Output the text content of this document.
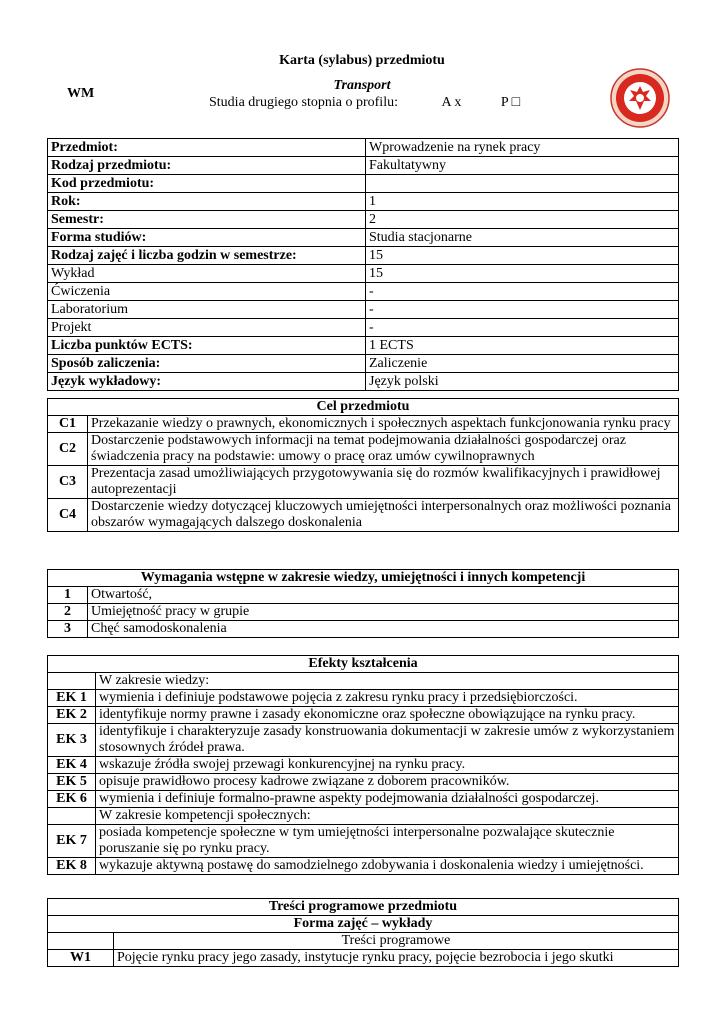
Karta (sylabus) przedmiotu
WM
Transport
Studia drugiego stopnia o profilu:	A x	P □
Przedmiot:	Wprowadzenie na rynek pracy
Rodzaj przedmiotu:	Fakultatywny
Kod przedmiotu:	
Rok:	1
Semestr:	2
Forma studiów:	Studia stacjonarne
Rodzaj zajęć i liczba godzin w semestrze:	15
Wykład	15
Ćwiczenia	-
Laboratorium	-
Projekt	-
Liczba punktów ECTS:	1 ECTS
Sposób zaliczenia:	Zaliczenie
Język wykładowy:	Język polski
Cel przedmiotu	
C1	Przekazanie wiedzy o prawnych, ekonomicznych i społecznych aspektach funkcjonowania rynku pracy
C2	Dostarczenie podstawowych informacji na temat podejmowania działalności gospodarczej oraz świadczenia pracy na podstawie: umowy o pracę oraz umów cywilnoprawnych
C3	Prezentacja zasad umożliwiających przygotowywania się do rozmów kwalifikacyjnych i prawidłowej autoprezentacji
C4	Dostarczenie wiedzy dotyczącej kluczowych umiejętności interpersonalnych oraz możliwości poznania obszarów wymagających dalszego doskonalenia
Wymagania wstępne w zakresie wiedzy, umiejętności i innych kompetencji	
1	Otwartość,
2	Umiejętność pracy w grupie
3	Chęć samodoskonalenia
Efekty kształcenia	
	W zakresie wiedzy:
EK 1	wymienia i definiuje podstawowe pojęcia z zakresu rynku pracy i przedsiębiorczości.
EK 2	identyfikuje normy prawne i zasady ekonomiczne oraz społeczne obowiązujące na rynku pracy.
EK 3	identyfikuje i charakteryzuje zasady konstruowania dokumentacji w zakresie umów z wykorzystaniem stosownych źródeł prawa.
EK 4	wskazuje źródła swojej przewagi konkurencyjnej na rynku pracy.
EK 5	opisuje prawidłowo procesy kadrowe związane z doborem pracowników.
EK 6	wymienia i definiuje formalno-prawne aspekty podejmowania działalności gospodarczej.
	W zakresie kompetencji społecznych:
EK 7	posiada kompetencje społeczne w tym umiejętności interpersonalne pozwalające skutecznie poruszanie się po rynku pracy.
EK 8	wykazuje aktywną postawę do samodzielnego zdobywania i doskonalenia wiedzy i umiejętności.
Treści programowe przedmiotu	
Forma zajęć – wykłady	
	Treści programowe
W1	Pojęcie rynku pracy jego zasady, instytucje rynku pracy, pojęcie bezrobocia i jego skutki
